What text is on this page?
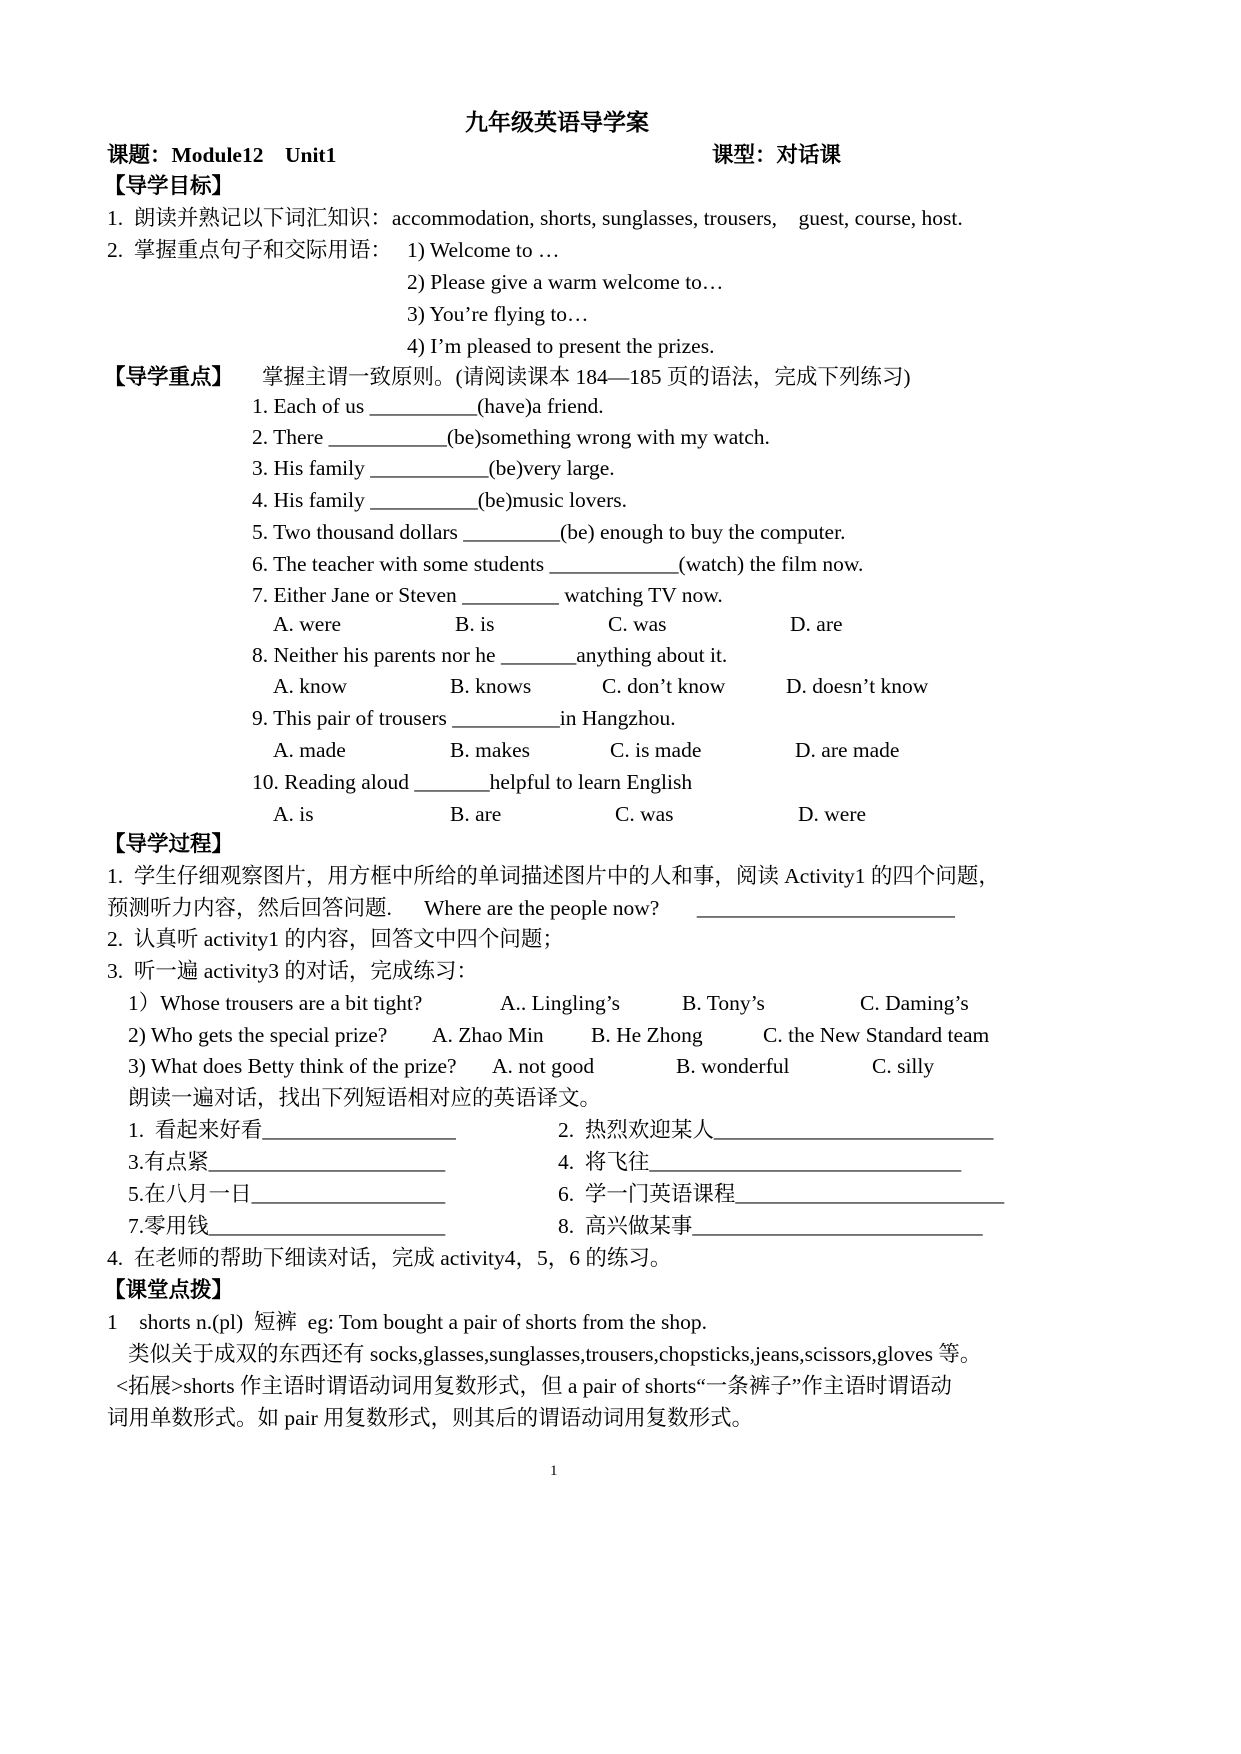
九年级英语导学案
课题：Module12    Unit1	课型：对话课
【导学目标】
1.  朗读并熟记以下词汇知识：accommodation, shorts, sunglasses, trousers,    guest, course, host.
2.  掌握重点句子和交际用语： 1) Welcome to …
2) Please give a warm welcome to…
3) You’re flying to…
4) I’m pleased to present the prizes.
【导学重点】 掌握主谓一致原则。(请阅读课本 184—185 页的语法，完成下列练习)
1. Each of us __________(have)a friend.
2. There ___________(be)something wrong with my watch.
3. His family ___________(be)very large.
4. His family __________(be)music lovers.
5. Two thousand dollars _________(be) enough to buy the computer.
6. The teacher with some students ____________(watch) the film now.
7. Either Jane or Steven _________ watching TV now.
A. were	B. is	C. was	D. are
8. Neither his parents nor he _______anything about it.
A. know	B. knows	C. don’t know	D. doesn’t know
9. This pair of trousers __________in Hangzhou.
A. made	B. makes	C. is made	D. are made
10. Reading aloud _______helpful to learn English
A. is	B. are	C. was	D. were
【导学过程】
1.  学生仔细观察图片，用方框中所给的单词描述图片中的人和事，阅读 Activity1 的四个问题，
预测听力内容，然后回答问题.      Where are the people now?       ________________________
2.  认真听 activity1 的内容，回答文中四个问题；
3.  听一遍 activity3 的对话，完成练习：
1）Whose trousers are a bit tight?	A.. Lingling’s	B. Tony’s	C. Daming’s
2) Who gets the special prize? A. Zhao Min B. He Zhong	C. the New Standard team
3) What does Betty think of the prize? A. not good	B. wonderful	C. silly
朗读一遍对话，找出下列短语相对应的英语译文。
1.  看起来好看__________________	2.  热烈欢迎某人__________________________
3.有点紧______________________	4.  将飞往_____________________________
5.在八月一日__________________	6.  学一门英语课程_________________________
7.零用钱______________________	8.  高兴做某事___________________________
4.  在老师的帮助下细读对话，完成 activity4，5，6 的练习。
【课堂点拨】
1    shorts n.(pl)  短裤  eg: Tom bought a pair of shorts from the shop.
类似关于成双的东西还有 socks,glasses,sunglasses,trousers,chopsticks,jeans,scissors,gloves 等。
<拓展>shorts 作主语时谓语动词用复数形式，但 a pair of shorts“一条裤子”作主语时谓语动
词用单数形式。如 pair 用复数形式，则其后的谓语动词用复数形式。
1
